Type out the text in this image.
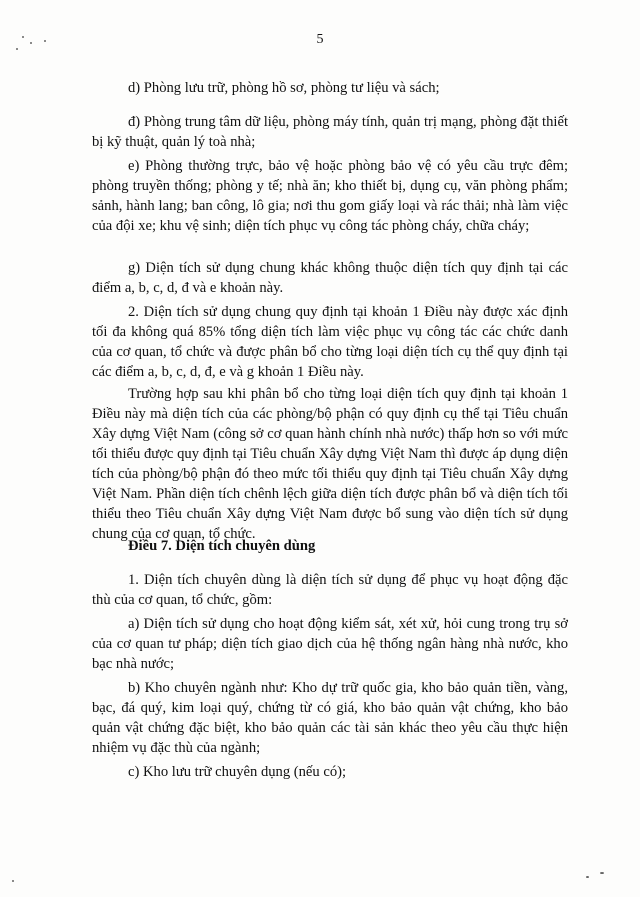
5

d) Phòng lưu trữ, phòng hồ sơ, phòng tư liệu và sách;

đ) Phòng trung tâm dữ liệu, phòng máy tính, quản trị mạng, phòng đặt thiết bị kỹ thuật, quản lý toà nhà;

e) Phòng thường trực, bảo vệ hoặc phòng bảo vệ có yêu cầu trực đêm; phòng truyền thống; phòng y tế; nhà ăn; kho thiết bị, dụng cụ, văn phòng phẩm; sảnh, hành lang; ban công, lô gia; nơi thu gom giấy loại và rác thải; nhà làm việc của đội xe; khu vệ sinh; diện tích phục vụ công tác phòng cháy, chữa cháy;

g) Diện tích sử dụng chung khác không thuộc diện tích quy định tại các điểm a, b, c, d, đ và e khoản này.

2. Diện tích sử dụng chung quy định tại khoản 1 Điều này được xác định tối đa không quá 85% tổng diện tích làm việc phục vụ công tác các chức danh của cơ quan, tổ chức và được phân bổ cho từng loại diện tích cụ thể quy định tại các điểm a, b, c, d, đ, e và g khoản 1 Điều này.

Trường hợp sau khi phân bổ cho từng loại diện tích quy định tại khoản 1 Điều này mà diện tích của các phòng/bộ phận có quy định cụ thể tại Tiêu chuẩn Xây dựng Việt Nam (công sở cơ quan hành chính nhà nước) thấp hơn so với mức tối thiểu được quy định tại Tiêu chuẩn Xây dựng Việt Nam thì được áp dụng diện tích của phòng/bộ phận đó theo mức tối thiểu quy định tại Tiêu chuẩn Xây dựng Việt Nam. Phần diện tích chênh lệch giữa diện tích được phân bổ và diện tích tối thiểu theo Tiêu chuẩn Xây dựng Việt Nam được bổ sung vào diện tích sử dụng chung của cơ quan, tổ chức.

Điều 7. Diện tích chuyên dùng

1. Diện tích chuyên dùng là diện tích sử dụng để phục vụ hoạt động đặc thù của cơ quan, tổ chức, gồm:

a) Diện tích sử dụng cho hoạt động kiểm sát, xét xử, hỏi cung trong trụ sở của cơ quan tư pháp; diện tích giao dịch của hệ thống ngân hàng nhà nước, kho bạc nhà nước;

b) Kho chuyên ngành như: Kho dự trữ quốc gia, kho bảo quản tiền, vàng, bạc, đá quý, kim loại quý, chứng từ có giá, kho bảo quản vật chứng, kho bảo quản vật chứng đặc biệt, kho bảo quản các tài sản khác theo yêu cầu thực hiện nhiệm vụ đặc thù của ngành;

c) Kho lưu trữ chuyên dụng (nếu có);
